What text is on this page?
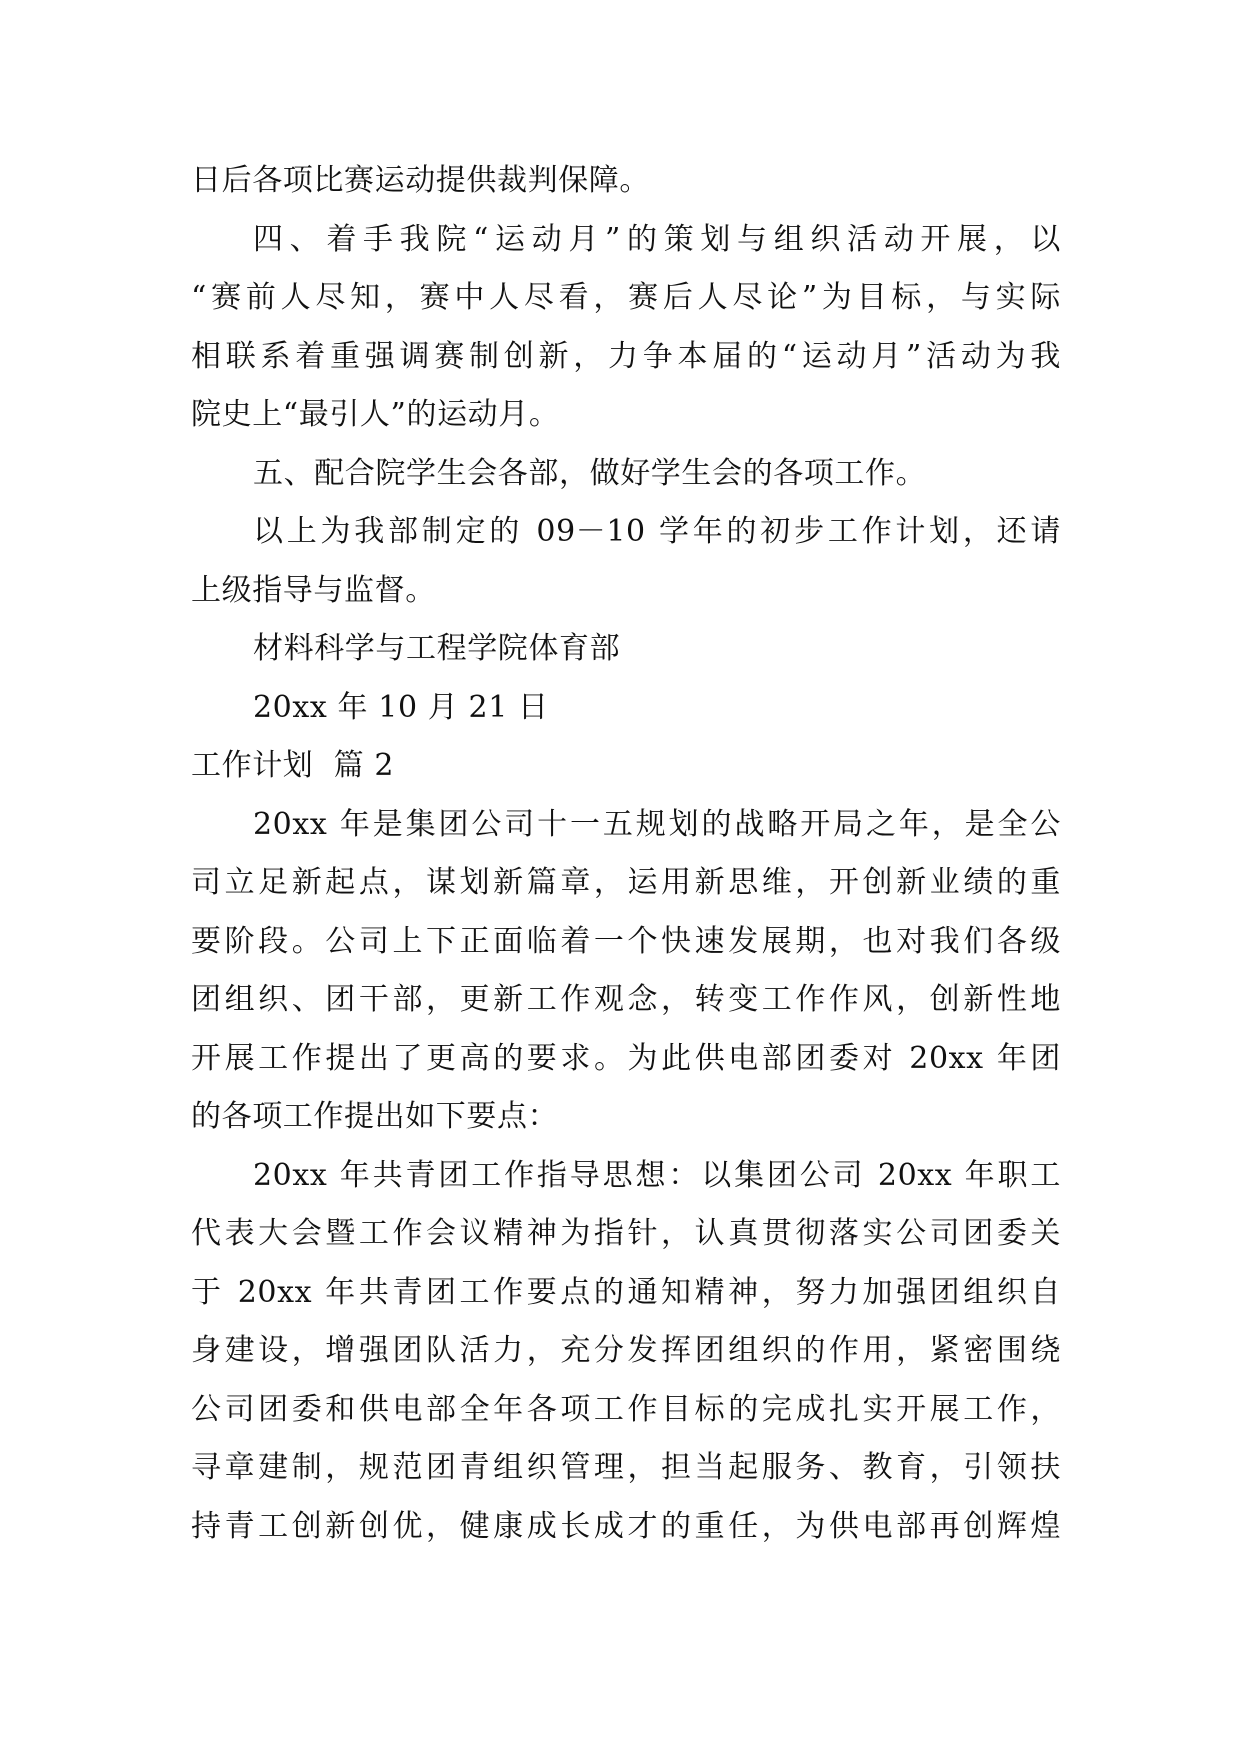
日后各项比赛运动提供裁判保障。
四、着手我院“运动月”的策划与组织活动开展，以
“赛前人尽知，赛中人尽看，赛后人尽论”为目标，与实际
相联系着重强调赛制创新，力争本届的“运动月”活动为我
院史上“最引人”的运动月。
五、配合院学生会各部，做好学生会的各项工作。
以上为我部制定的 09－10 学年的初步工作计划，还请
上级指导与监督。
材料科学与工程学院体育部
20xx 年 10 月 21 日
工作计划  篇 2
20xx 年是集团公司十一五规划的战略开局之年，是全公
司立足新起点，谋划新篇章，运用新思维，开创新业绩的重
要阶段。公司上下正面临着一个快速发展期，也对我们各级
团组织、团干部，更新工作观念，转变工作作风，创新性地
开展工作提出了更高的要求。为此供电部团委对 20xx 年团
的各项工作提出如下要点：
20xx 年共青团工作指导思想：以集团公司 20xx 年职工
代表大会暨工作会议精神为指针，认真贯彻落实公司团委关
于 20xx 年共青团工作要点的通知精神，努力加强团组织自
身建设，增强团队活力，充分发挥团组织的作用，紧密围绕
公司团委和供电部全年各项工作目标的完成扎实开展工作，
寻章建制，规范团青组织管理，担当起服务、教育，引领扶
持青工创新创优，健康成长成才的重任，为供电部再创辉煌
